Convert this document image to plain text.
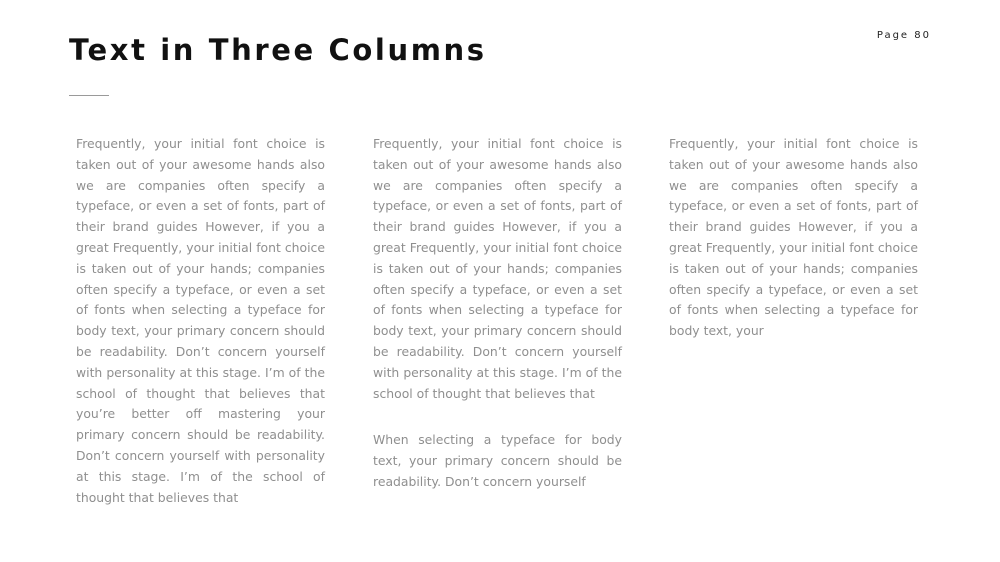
Page 80
Text in Three Columns

Frequently, your initial font choice is taken out of your awesome hands also we are companies often specify a typeface, or even a set of fonts, part of their brand guides However, if you a great Frequently, your initial font choice is taken out of your hands; companies often specify a typeface, or even a set of fonts when selecting a typeface for body text, your primary concern should be readability. Don’t concern yourself with personality at this stage. I’m of the school of thought that believes that you’re better off mastering your primary concern should be readability. Don’t concern yourself with personality at this stage. I’m of the school of thought that believes that

Frequently, your initial font choice is taken out of your awesome hands also we are companies often specify a typeface, or even a set of fonts, part of their brand guides However, if you a great Frequently, your initial font choice is taken out of your hands; companies often specify a typeface, or even a set of fonts when selecting a typeface for body text, your primary concern should be readability. Don’t concern yourself with personality at this stage. I’m of the school of thought that believes that

When selecting a typeface for body text, your primary concern should be readability. Don’t concern yourself

Frequently, your initial font choice is taken out of your awesome hands also we are companies often specify a typeface, or even a set of fonts, part of their brand guides However, if you a great Frequently, your initial font choice is taken out of your hands; companies often specify a typeface, or even a set of fonts when selecting a typeface for body text, your
